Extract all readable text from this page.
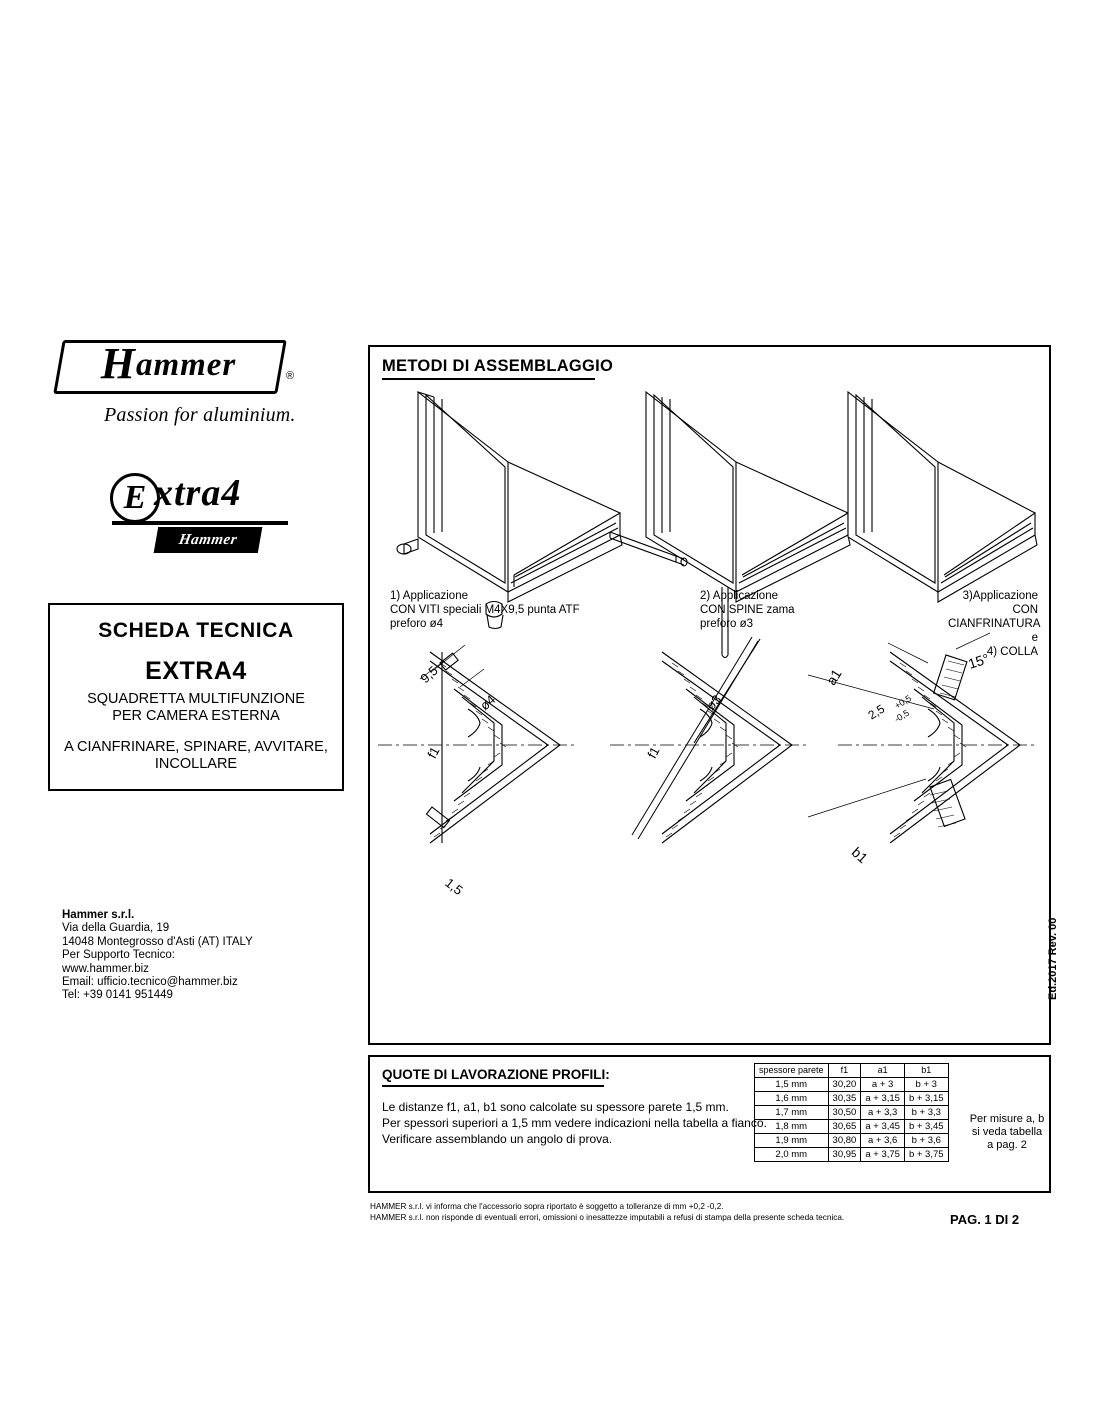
Hammer	®
Passion for aluminium.
E xtra4
Hammer
SCHEDA TECNICA
EXTRA4
SQUADRETTA MULTIFUNZIONE
PER CAMERA ESTERNA
A CIANFRINARE, SPINARE, AVVITARE,
INCOLLARE
Hammer s.r.l.
Via della Guardia, 19
14048 Montegrosso d'Asti (AT) ITALY
Per Supporto Tecnico:
www.hammer.biz
Email: ufficio.tecnico@hammer.biz
Tel: +39 0141 951449
METODI DI ASSEMBLAGGIO
9,5
ø4
f1
1,5
f1
ø3
a1
b1
2,5 +0,5
-0,5
15°
1) Applicazione
CON VITI speciali M4X9,5 punta ATF
preforo ø4
2) Applicazione
CON SPINE zama
preforo ø3
3)Applicazione
CON CIANFRINATURA e
4) COLLA
QUOTE DI LAVORAZIONE PROFILI:
Le distanze f1, a1, b1 sono calcolate su spessore parete 1,5 mm.
Per spessori superiori a 1,5 mm vedere indicazioni nella tabella a fianco.
Verificare assemblando un angolo di prova.
spessore parete	f1	a1	b1
1,5 mm	30,20	a + 3	b + 3
1,6 mm	30,35	a + 3,15	b + 3,15
1,7 mm	30,50	a + 3,3	b + 3,3
1,8 mm	30,65	a + 3,45	b + 3,45
1,9 mm	30,80	a + 3,6	b + 3,6
2,0 mm	30,95	a + 3,75	b + 3,75
Per misure a, b
si veda tabella
a pag. 2
HAMMER s.r.l. vi informa che l'accessorio sopra riportato è soggetto a tolleranze di mm +0,2 -0,2.
HAMMER s.r.l. non risponde di eventuali errori, omissioni o inesattezze imputabili a refusi di stampa della presente scheda tecnica.	PAG. 1 DI 2
Ed.2017 Rev. 00
